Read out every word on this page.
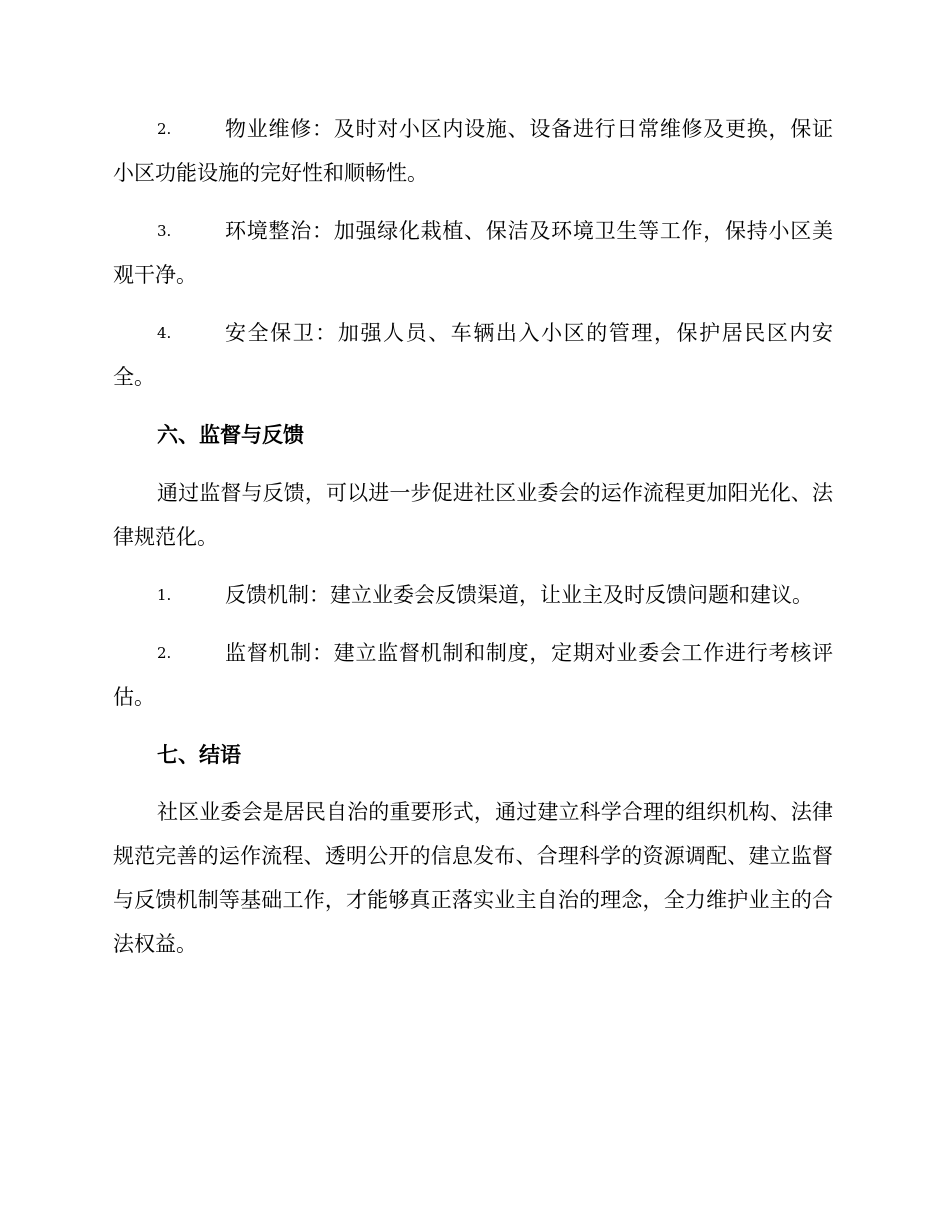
2.	物业维修：及时对小区内设施、设备进行日常维修及更换，保证小区功能设施的完好性和顺畅性。
3.	环境整治：加强绿化栽植、保洁及环境卫生等工作，保持小区美观干净。
4.	安全保卫：加强人员、车辆出入小区的管理，保护居民区内安全。
六、监督与反馈
通过监督与反馈，可以进一步促进社区业委会的运作流程更加阳光化、法律规范化。
1.	反馈机制：建立业委会反馈渠道，让业主及时反馈问题和建议。
2.	监督机制：建立监督机制和制度，定期对业委会工作进行考核评估。
七、结语
社区业委会是居民自治的重要形式，通过建立科学合理的组织机构、法律规范完善的运作流程、透明公开的信息发布、合理科学的资源调配、建立监督与反馈机制等基础工作，才能够真正落实业主自治的理念，全力维护业主的合法权益。
